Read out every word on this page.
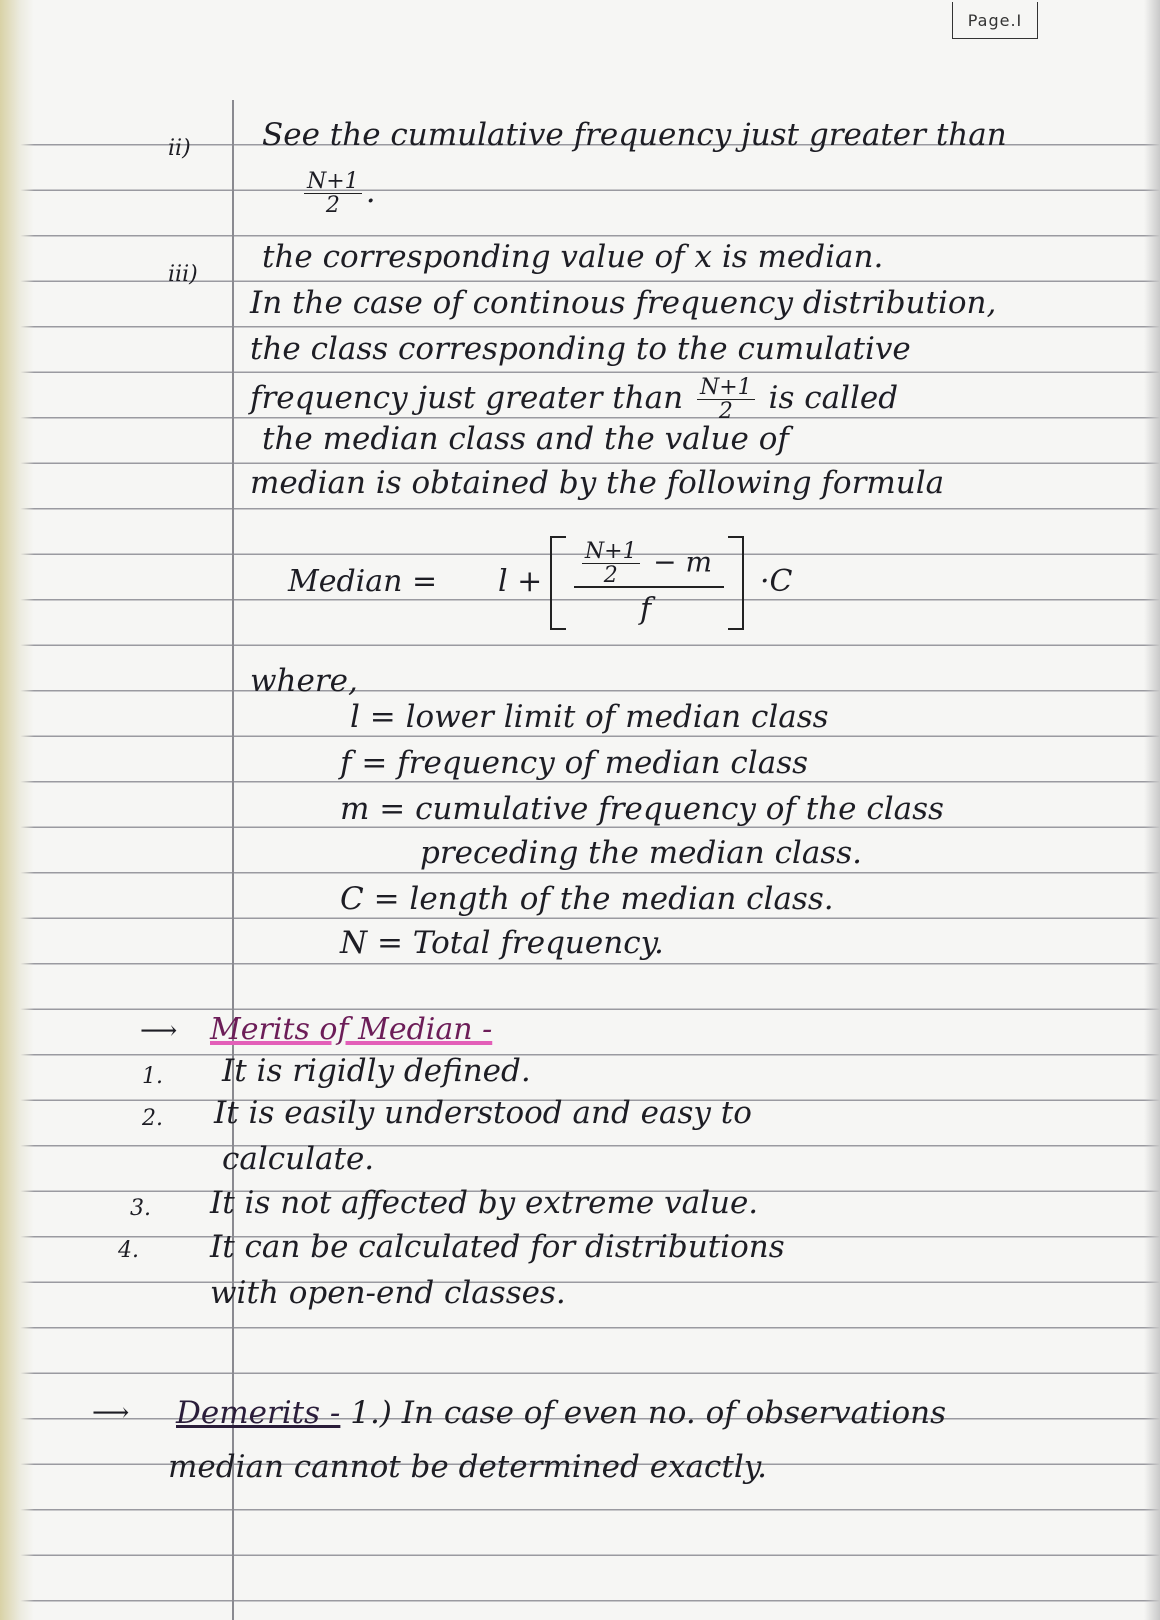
Page.I
ii) See the cumulative frequency just greater than
$\frac{N+1}{2}$ .
iii) the corresponding value of x is median.
In the case of continous frequency distribution,
the class corresponding to the cumulative
frequency just greater than $\frac{N+1}{2}$ is called
the median class and the value of
median is obtained by the following formula
Median = $l + \frac{N+1}{2} - m$
f
·C
where,
l = lower limit of median class
f = frequency of median class
m = cumulative frequency of the class
preceding the median class.
C = length of the median class.
N = Total frequency.
⟶ Merits of Median -
1. It is rigidly defined.
2. It is easily understood and easy to
calculate.
3. It is not affected by extreme value.
4. It can be calculated for distributions
with open-end classes.
⟶ Demerits - 1.) In case of even no. of observations
median cannot be determined exactly.
